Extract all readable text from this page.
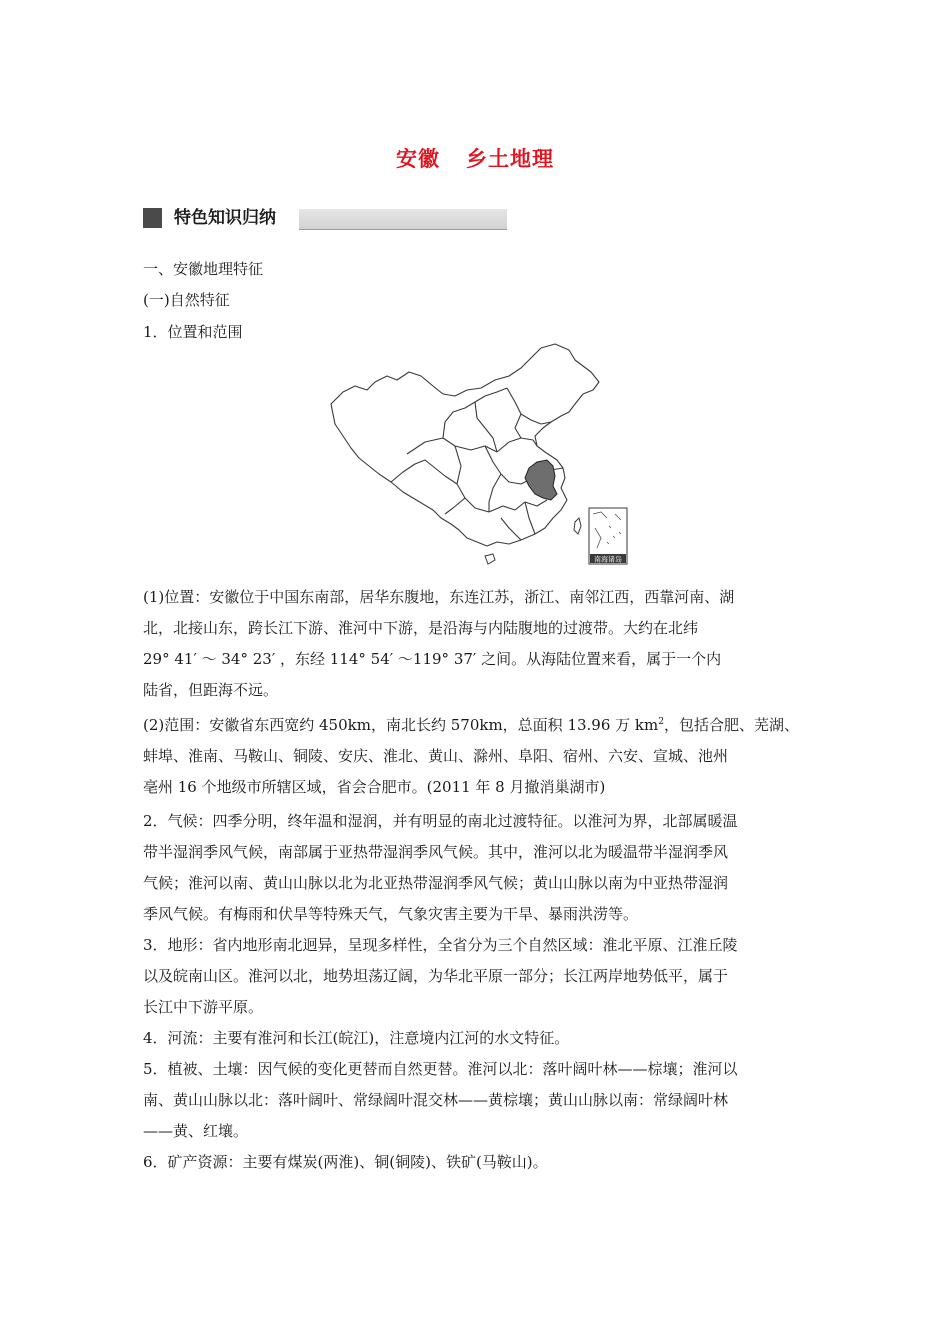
安徽 乡土地理
特色知识归纳
一、安徽地理特征
(一)自然特征
1．位置和范围
南海诸岛

(1)位置：安徽位于中国东南部，居华东腹地，东连江苏，浙江、南邻江西，西靠河南、湖

北，北接山东，跨长江下游、淮河中下游，是沿海与内陆腹地的过渡带。大约在北纬

29° 41′ ～ 34° 23′ ，东经 114° 54′ ～119° 37′ 之间。从海陆位置来看，属于一个内

陆省，但距海不远。

(2)范围：安徽省东西宽约 450km，南北长约 570km，总面积 13.96 万 $km^2$，包括合肥、芜湖、

蚌埠、淮南、马鞍山、铜陵、安庆、淮北、黄山、滁州、阜阳、宿州、六安、宣城、池州

亳州 16 个地级市所辖区域，省会合肥市。(2011 年 8 月撤消巢湖市)

2．气候：四季分明，终年温和湿润，并有明显的南北过渡特征。以淮河为界，北部属暖温

带半湿润季风气候，南部属于亚热带湿润季风气候。其中，淮河以北为暖温带半湿润季风

气候；淮河以南、黄山山脉以北为北亚热带湿润季风气候；黄山山脉以南为中亚热带湿润

季风气候。有梅雨和伏旱等特殊天气，气象灾害主要为干旱、暴雨洪涝等。

3．地形：省内地形南北迥异，呈现多样性，全省分为三个自然区域：淮北平原、江淮丘陵

以及皖南山区。淮河以北，地势坦荡辽阔，为华北平原一部分；长江两岸地势低平，属于

长江中下游平原。

4．河流：主要有淮河和长江(皖江)，注意境内江河的水文特征。

5．植被、土壤：因气候的变化更替而自然更替。淮河以北：落叶阔叶林——棕壤；淮河以

南、黄山山脉以北：落叶阔叶、常绿阔叶混交林——黄棕壤；黄山山脉以南：常绿阔叶林

——黄、红壤。

6．矿产资源：主要有煤炭(两淮)、铜(铜陵)、铁矿(马鞍山)。
